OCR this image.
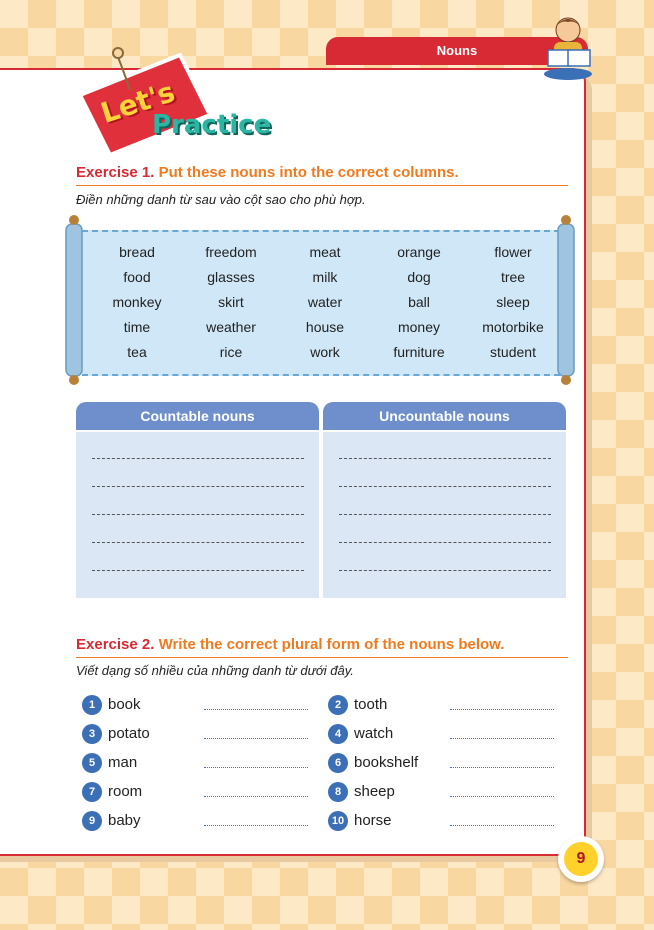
Nouns
Let's
Practice
Exercise 1. Put these nouns into the correct columns.
Điền những danh từ sau vào cột sao cho phù hợp.
bread	freedom	meat	orange	flower
food	glasses	milk	dog	tree
monkey	skirt	water	ball	sleep
time	weather	house	money	motorbike
tea	rice	work	furniture	student
Countable nouns	Uncountable nouns
Exercise 2. Write the correct plural form of the nouns below.
Viết dạng số nhiều của những danh từ dưới đây.
1 book	2 tooth
3 potato	4 watch
5 man	6 bookshelf
7 room	8 sheep
9 baby	10 horse
9
